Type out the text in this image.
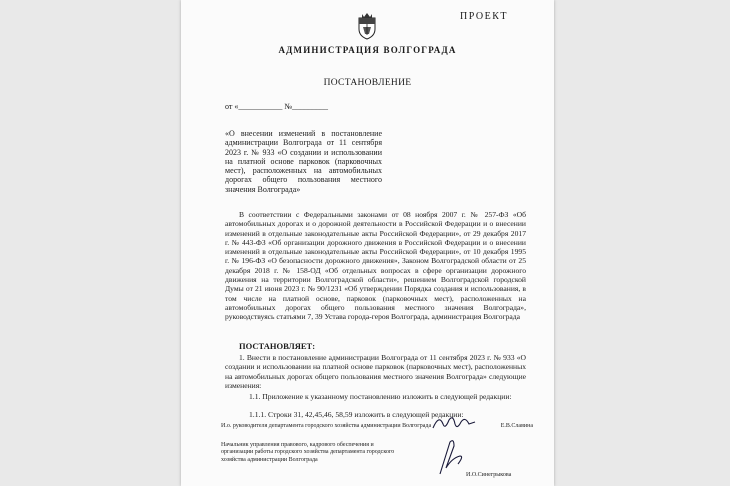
ПРОЕКТ
АДМИНИСТРАЦИЯ ВОЛГОГРАДА
ПОСТАНОВЛЕНИЕ
от «___________ №_________
«О внесении изменений в постановление администрации Волгограда от 11 сентября 2023 г. № 933 «О создании и использовании на платной основе парковок (парковочных мест), расположенных на автомобильных дорогах общего пользования местного значения Волгограда»
В соответствии с Федеральными законами от 08 ноября 2007 г. № 257-ФЗ «Об автомобильных дорогах и о дорожной деятельности в Российской Федерации и о внесении изменений в отдельные законодательные акты Российской Федерации», от 29 декабря 2017 г. № 443-ФЗ «Об организации дорожного движения в Российской Федерации и о внесении изменений в отдельные законодательные акты Российской Федерации», от 10 декабря 1995 г. № 196-ФЗ «О безопасности дорожного движения», Законом Волгоградской области от 25 декабря 2018 г. № 158-ОД «Об отдельных вопросах в сфере организации дорожного движения на территории Волгоградской области», решением Волгоградской городской Думы от 21 июня 2023 г. № 90/1231 «Об утверждении Порядка создания и использования, в том числе на платной основе, парковок (парковочных мест), расположенных на автомобильных дорогах общего пользования местного значения Волгограда», руководствуясь статьями 7, 39 Устава города-героя Волгограда, администрация Волгограда
ПОСТАНОВЛЯЕТ:
1. Внести в постановление администрации Волгограда от 11 сентября 2023 г. № 933 «О создании и использовании на платной основе парковок (парковочных мест), расположенных на автомобильных дорогах общего пользования местного значения Волгограда» следующие изменения:
1.1. Приложение к указанному постановлению изложить в следующей редакции:
1.1.1. Строки 31, 42,45,46, 58,59 изложить в следующей редакции:
И.о. руководителя департамента городского хозяйства администрации Волгограда	Е.В.Славина
Начальник управления правового, кадрового обеспечения и организации работы городского хозяйства департамента городского хозяйства администрации Волгограда
И.О.Синегрыкова
